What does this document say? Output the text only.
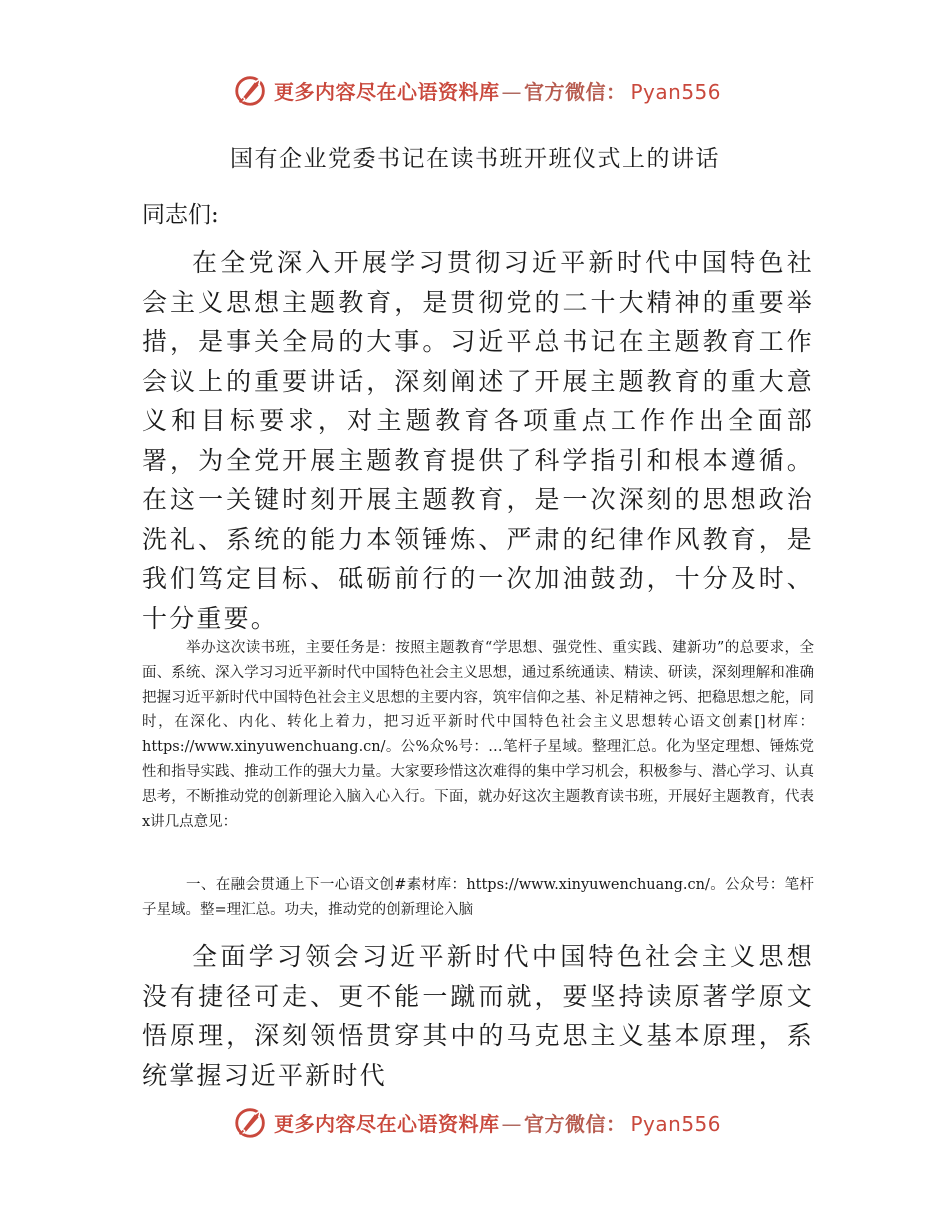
更多内容尽在心语资料库 — 官方微信： Pyan556
国有企业党委书记在读书班开班仪式上的讲话

同志们:

在全党深入开展学习贯彻习近平新时代中国特色社会主义思想主题教育，是贯彻党的二十大精神的重要举措，是事关全局的大事。习近平总书记在主题教育工作会议上的重要讲话，深刻阐述了开展主题教育的重大意义和目标要求，对主题教育各项重点工作作出全面部署，为全党开展主题教育提供了科学指引和根本遵循。在这一关键时刻开展主题教育，是一次深刻的思想政治洗礼、系统的能力本领锤炼、严肃的纪律作风教育，是我们笃定目标、砥砺前行的一次加油鼓劲，十分及时、十分重要。

举办这次读书班，主要任务是：按照主题教育“学思想、强党性、重实践、建新功”的总要求，全面、系统、深入学习习近平新时代中国特色社会主义思想，通过系统通读、精读、研读，深刻理解和准确把握习近平新时代中国特色社会主义思想的主要内容，筑牢信仰之基、补足精神之钙、把稳思想之舵，同时，在深化、内化、转化上着力，把习近平新时代中国特色社会主义思想转心语文创素[]材库：https://www.xinyuwenchuang.cn/。公%众%号：…笔杆子星域。整理汇总。化为坚定理想、锤炼党性和指导实践、推动工作的强大力量。大家要珍惜这次难得的集中学习机会，积极参与、潜心学习、认真思考，不断推动党的创新理论入脑入心入行。下面，就办好这次主题教育读书班，开展好主题教育，代表x讲几点意见：

一、在融会贯通上下一心语文创#素材库：https://www.xinyuwenchuang.cn/。公众号：笔杆子星域。整=理汇总。功夫，推动党的创新理论入脑

全面学习领会习近平新时代中国特色社会主义思想没有捷径可走、更不能一蹴而就，要坚持读原著学原文悟原理，深刻领悟贯穿其中的马克思主义基本原理，系统掌握习近平新时代

更多内容尽在心语资料库 — 官方微信： Pyan556
